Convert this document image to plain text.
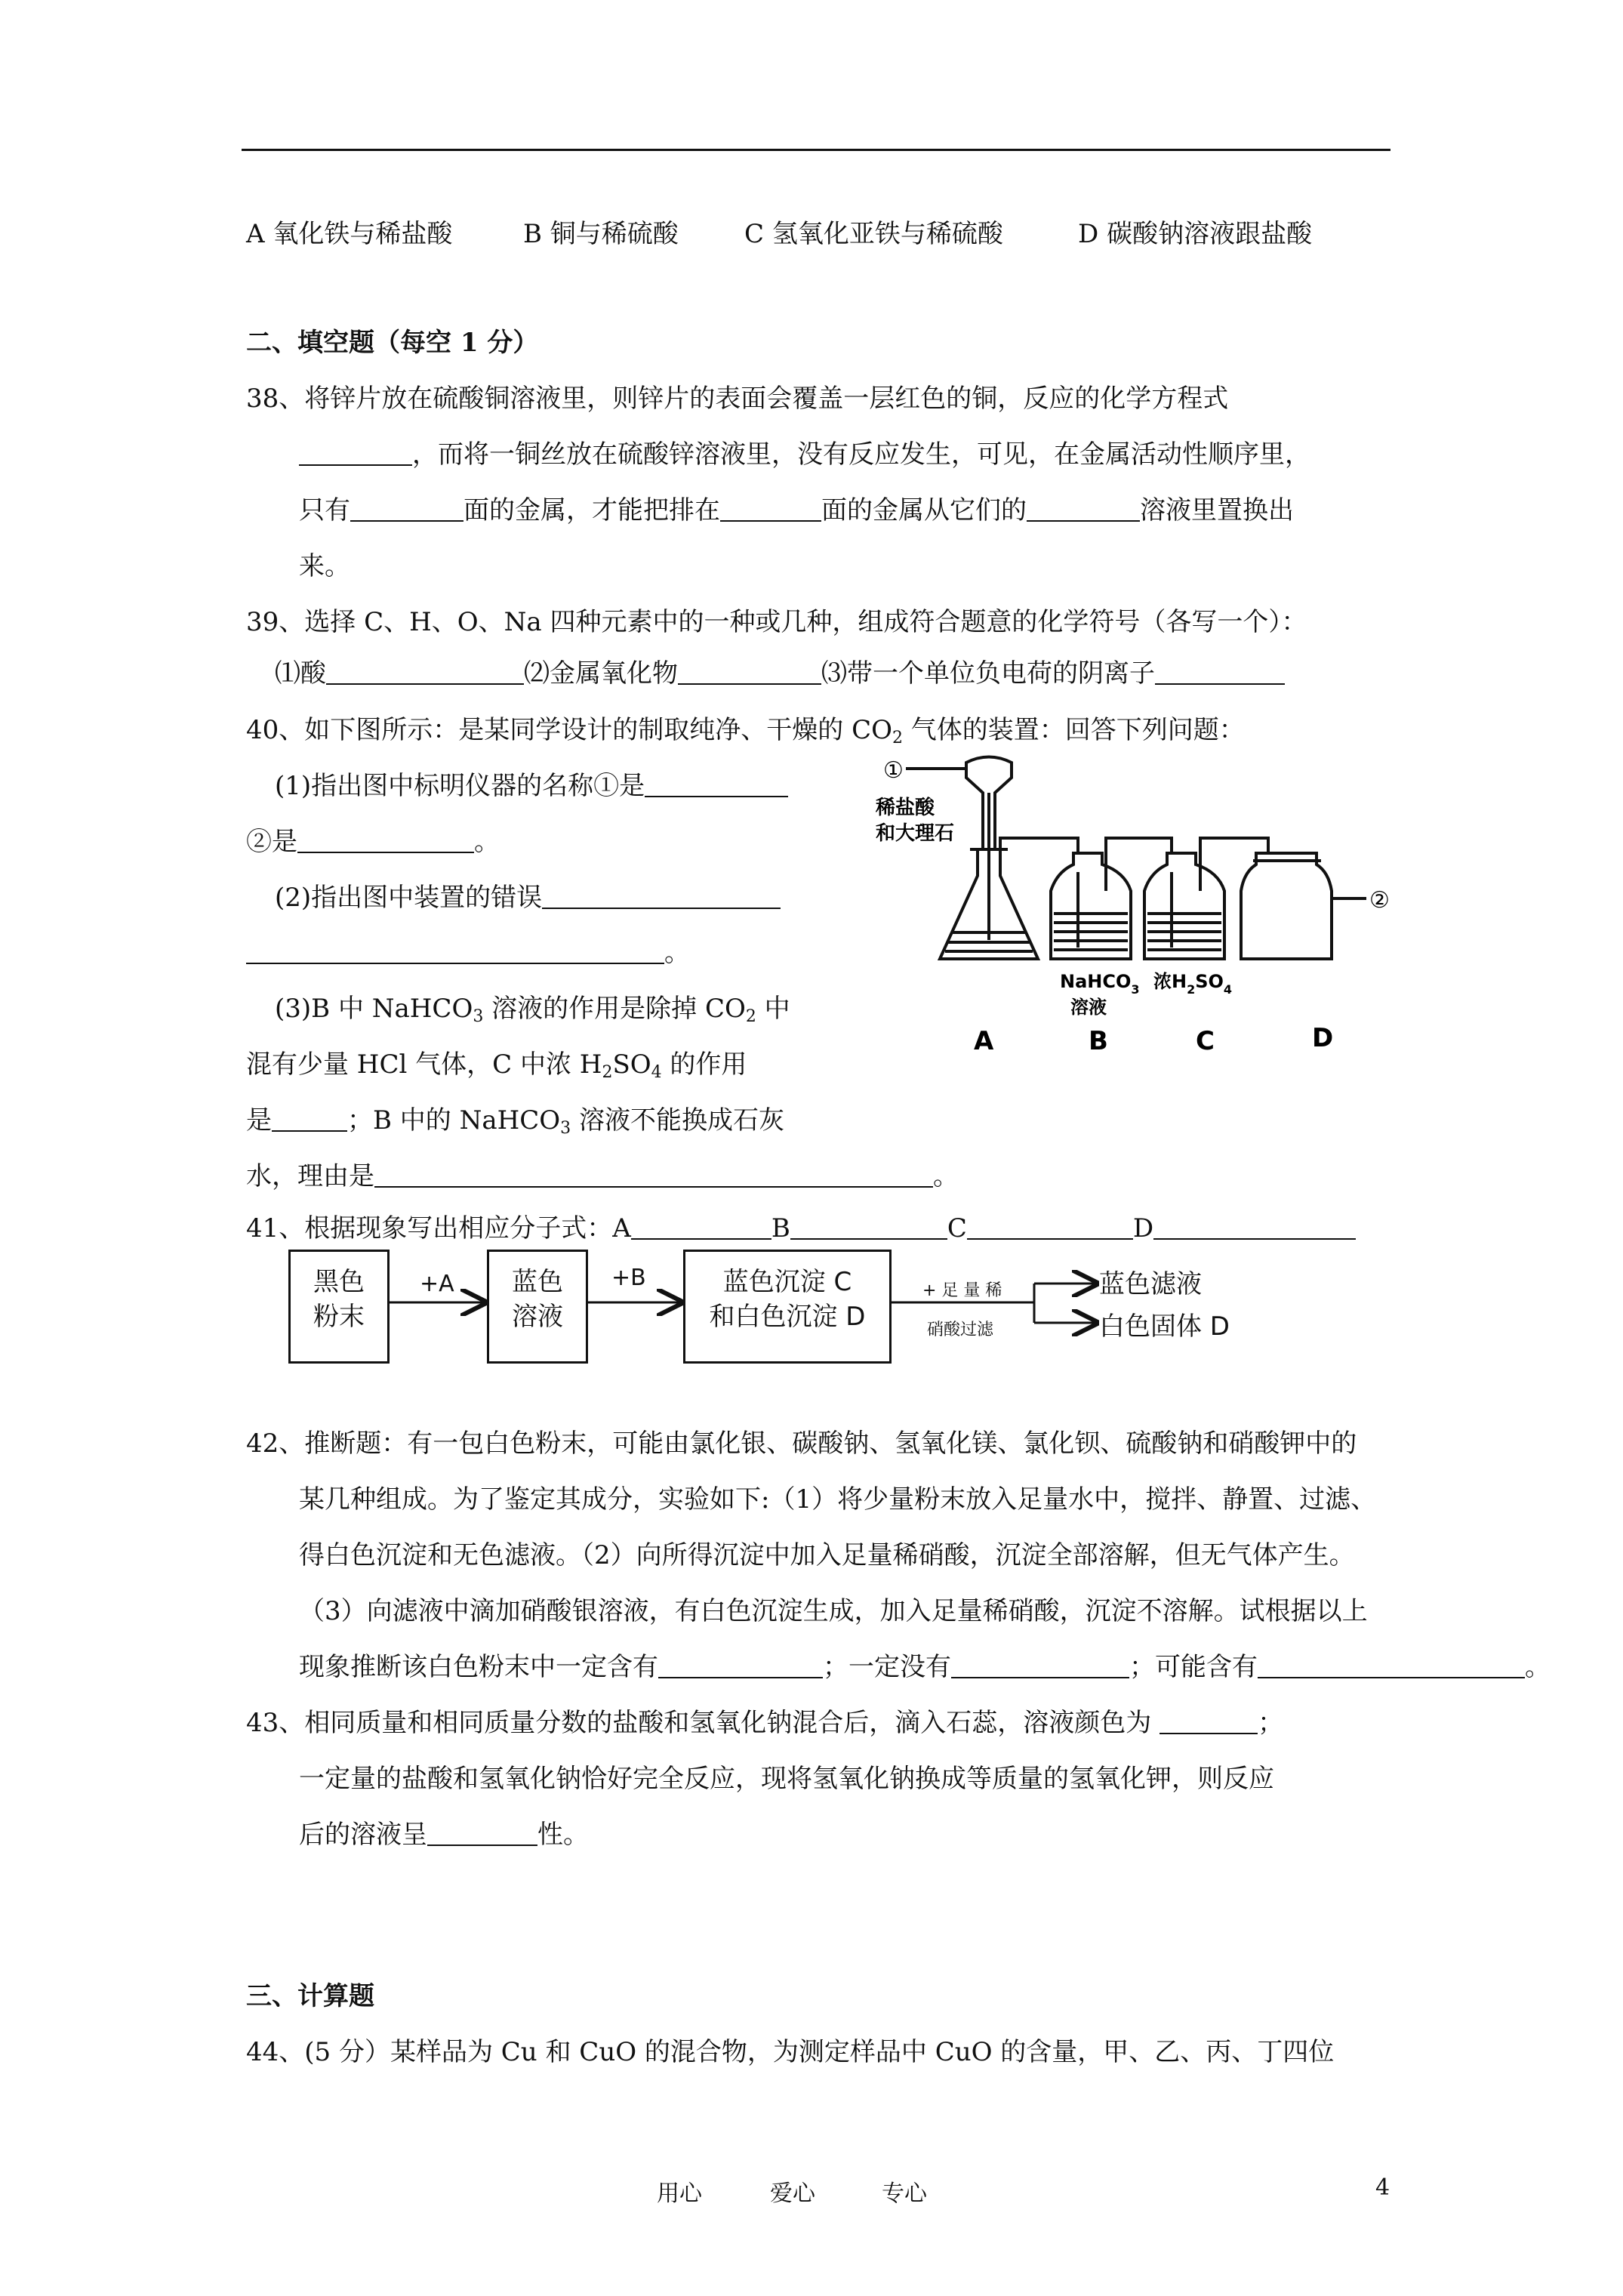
A 氧化铁与稀盐酸	B 铜与稀硫酸	C 氢氧化亚铁与稀硫酸	D 碳酸钠溶液跟盐酸
二、填空题（每空 1 分）
38、将锌片放在硫酸铜溶液里，则锌片的表面会覆盖一层红色的铜，反应的化学方程式
，而将一铜丝放在硫酸锌溶液里，没有反应发生，可见，在金属活动性顺序里，
只有	面的金属，才能把排在	面的金属从它们的	溶液里置换出
来。
39、选择 C、H、O、Na 四种元素中的一种或几种，组成符合题意的化学符号（各写一个）：
⑴酸	⑵金属氧化物	⑶带一个单位负电荷的阴离子
40、如下图所示：是某同学设计的制取纯净、干燥的 $CO_2$ 气体的装置：回答下列问题：
(1)指出图中标明仪器的名称①是
②是	。
(2)指出图中装置的错误
。
(3)B 中 NaHCO$_3$ 溶液的作用是除掉 $CO_2$ 中
混有少量 HCl 气体，C 中浓 $H_2SO_4$ 的作用
是	；B 中的 NaHCO$_3$ 溶液不能换成石灰
水，理由是	。
①
②
稀盐酸
和大理石
NaHCO$_3$
溶液
浓$H_2SO_4$
A	B	C	D
41、根据现象写出相应分子式：A	B	C	D
黑色
粉末
+A	蓝色
溶液
+B	蓝色沉淀 C
和白色沉淀 D
+ 足 量 稀
硝酸过滤
蓝色滤液
白色固体 D
42、推断题：有一包白色粉末，可能由氯化银、碳酸钠、氢氧化镁、氯化钡、硫酸钠和硝酸钾中的
某几种组成。为了鉴定其成分，实验如下:（1）将少量粉末放入足量水中，搅拌、静置、过滤、
得白色沉淀和无色滤液。（2）向所得沉淀中加入足量稀硝酸，沉淀全部溶解，但无气体产生。
（3）向滤液中滴加硝酸银溶液，有白色沉淀生成，加入足量稀硝酸，沉淀不溶解。试根据以上
现象推断该白色粉末中一定含有	；一定没有	；可能含有	。
43、相同质量和相同质量分数的盐酸和氢氧化钠混合后，滴入石蕊，溶液颜色为	；
一定量的盐酸和氢氧化钠恰好完全反应，现将氢氧化钠换成等质量的氢氧化钾，则反应
后的溶液呈	性。
三、计算题
44、(5 分）某样品为 Cu 和 CuO 的混合物，为测定样品中 CuO 的含量，甲、乙、丙、丁四位
用心	爱心	专心	4
